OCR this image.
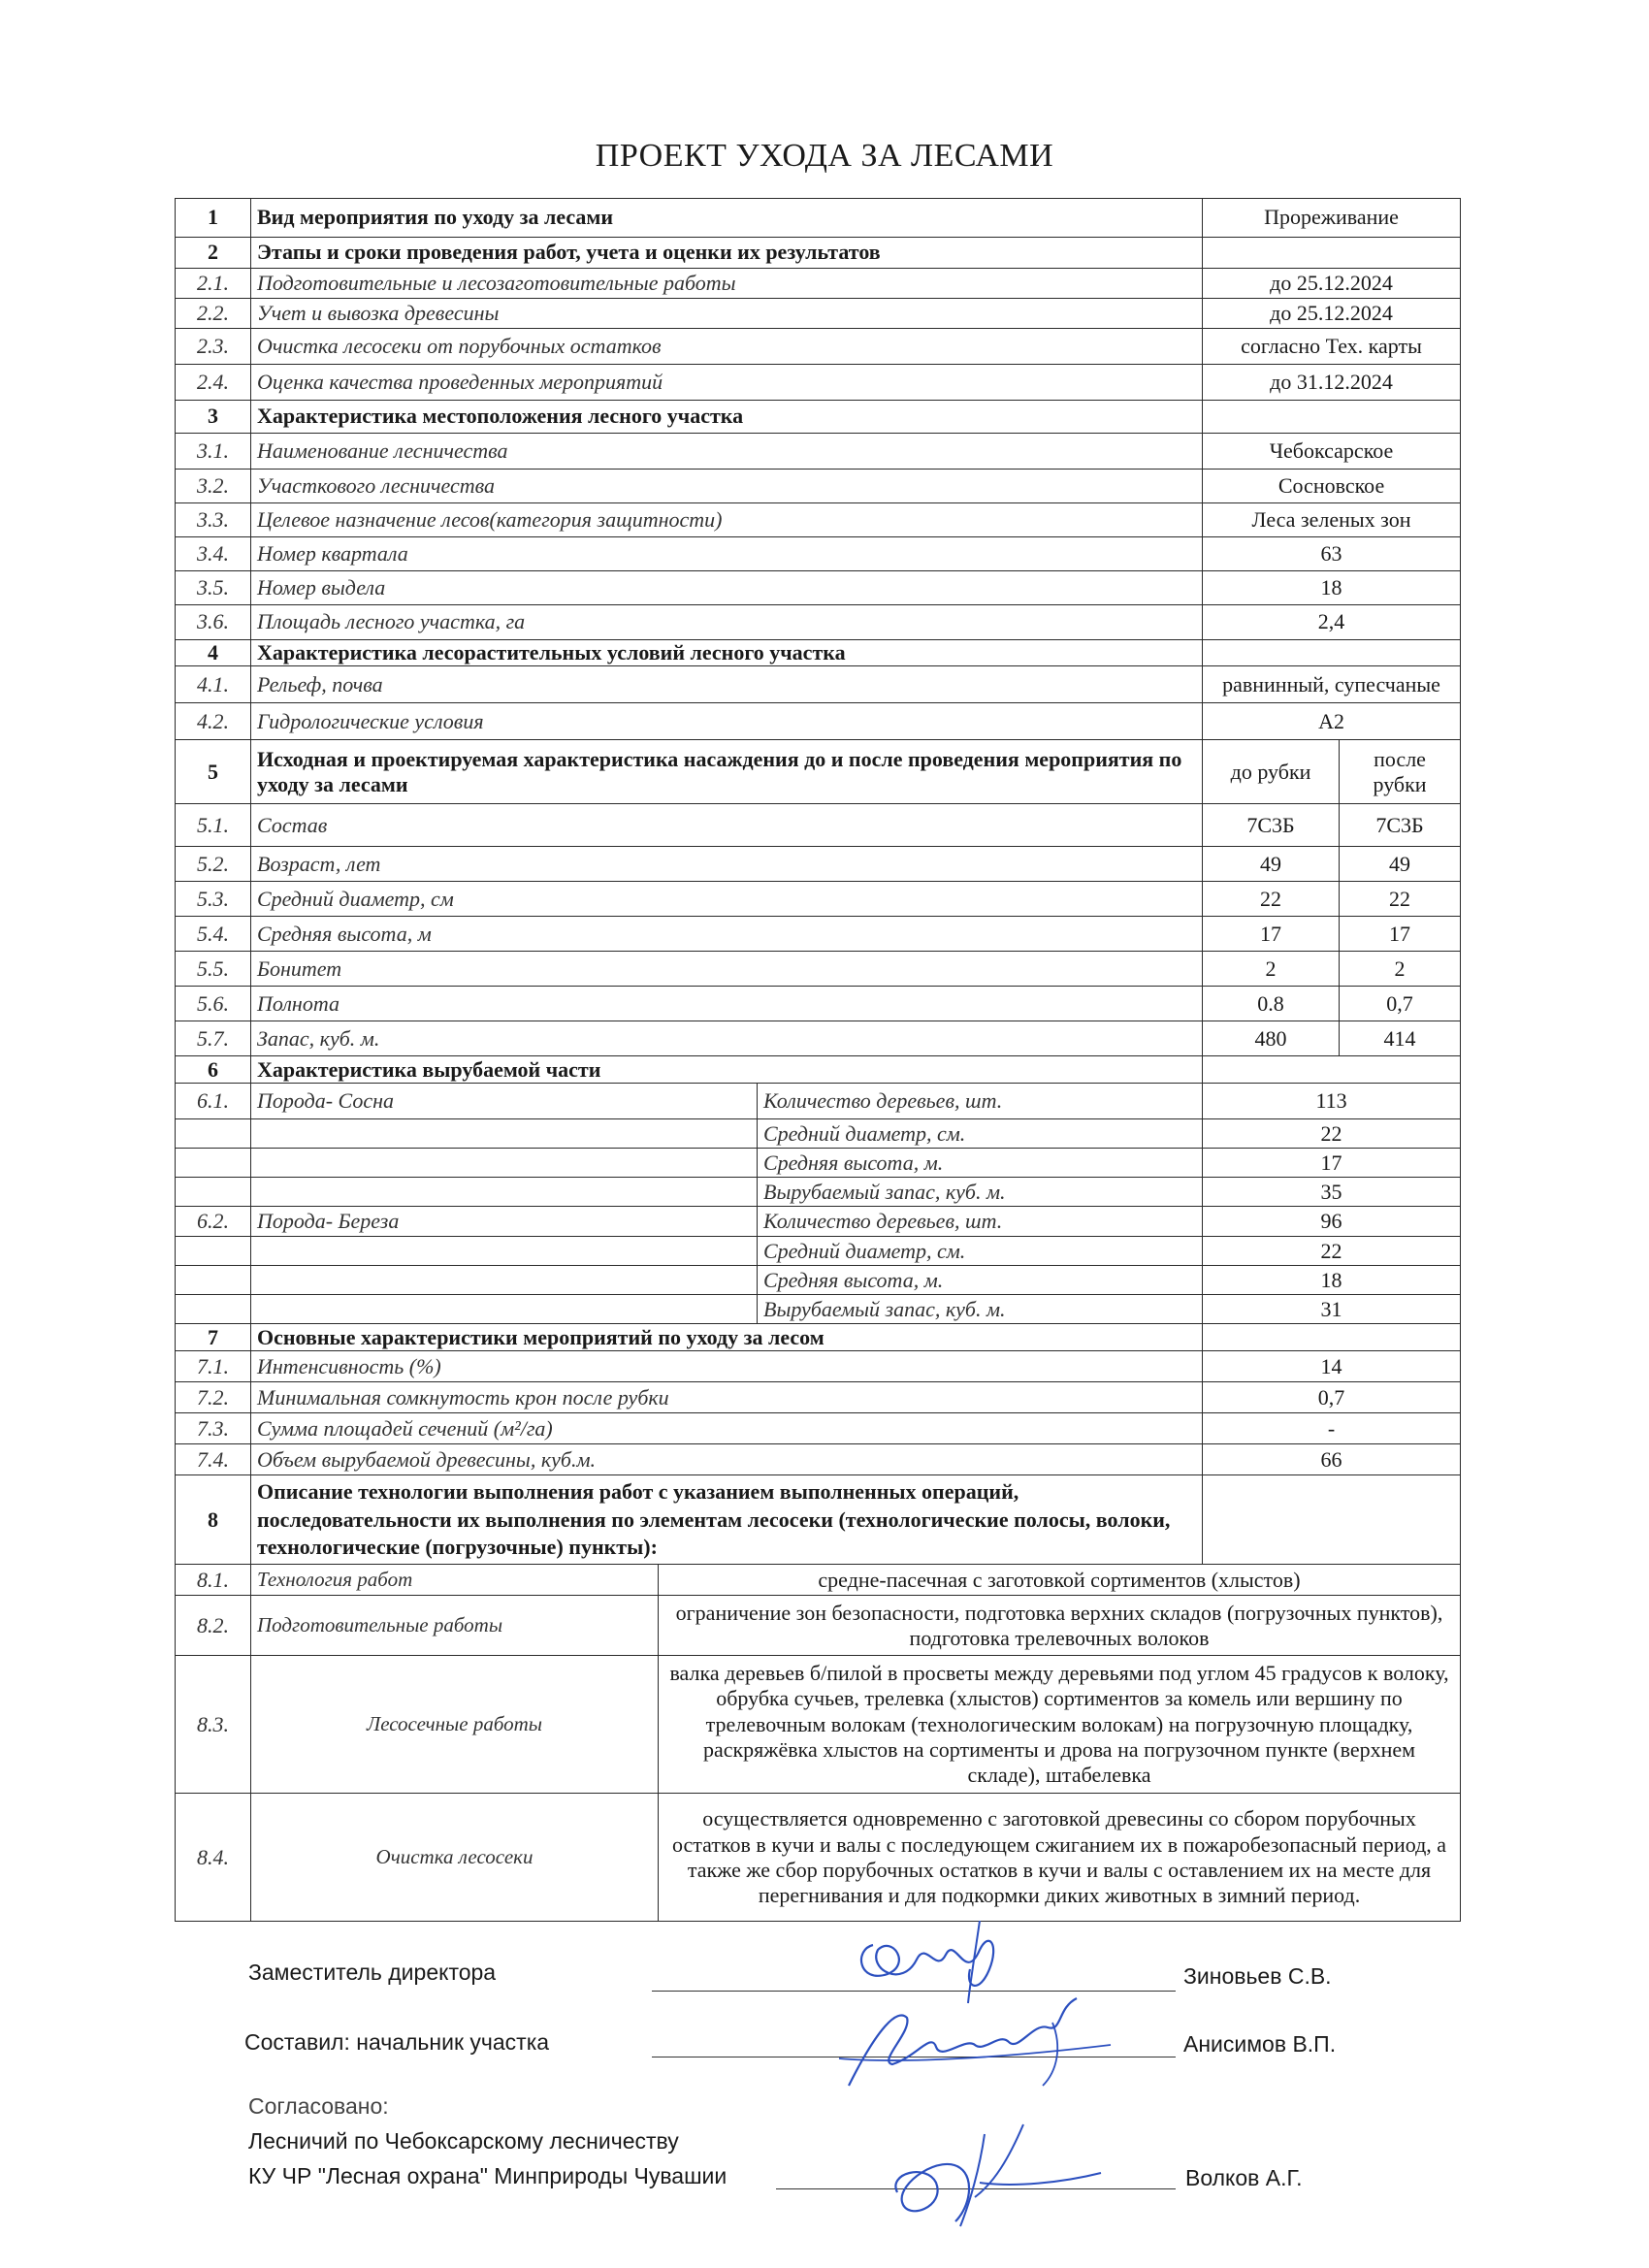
ПРОЕКТ УХОДА ЗА ЛЕСАМИ
1	Вид мероприятия по уходу за лесами			Прореживание	
2	Этапы и сроки проведения работ, учета и оценки их результатов				
2.1.	Подготовительные и лесозаготовительные работы			до 25.12.2024	
2.2.	Учет и вывозка древесины			до 25.12.2024	
2.3.	Очистка лесосеки от порубочных остатков			согласно Тех. карты	
2.4.	Оценка качества проведенных мероприятий			до 31.12.2024	
3	Характеристика местоположения лесного участка				
3.1.	Наименование лесничества			Чебоксарское	
3.2.	Участкового лесничества			Сосновское	
3.3.	Целевое назначение лесов(категория защитности)			Леса зеленых зон	
3.4.	Номер квартала			63	
3.5.	Номер выдела			18	
3.6.	Площадь лесного участка, га			2,4	
4	Характеристика лесорастительных условий лесного участка				
4.1.	Рельеф, почва			равнинный, супесчаные	
4.2.	Гидрологические условия			А2	
5	Исходная и проектируемая характеристика насаждения до и после проведения мероприятия по уходу за лесами			до рубки	после рубки
5.1.	Состав			7С3Б	7С3Б
5.2.	Возраст, лет			49	49
5.3.	Средний диаметр, см			22	22
5.4.	Средняя высота, м			17	17
5.5.	Бонитет			2	2
5.6.	Полнота			0.8	0,7
5.7.	Запас, куб. м.			480	414
6	Характеристика вырубаемой части				
6.1.	Порода- Сосна		Количество деревьев, шт.	113	
			Средний диаметр, см.	22	
			Средняя высота, м.	17	
			Вырубаемый запас, куб. м.	35	
6.2.	Порода- Береза		Количество деревьев, шт.	96	
			Средний диаметр, см.	22	
			Средняя высота, м.	18	
			Вырубаемый запас, куб. м.	31	
7	Основные характеристики мероприятий по уходу за лесом				
7.1.	Интенсивность (%)			14	
7.2.	Минимальная сомкнутость крон после рубки			0,7	
7.3.	Сумма площадей сечений (м²/га)			-	
7.4.	Объем вырубаемой древесины, куб.м.			66	
8	Описание технологии выполнения работ с указанием выполненных операций, последовательности их выполнения по элементам лесосеки (технологические полосы, волоки, технологические (погрузочные) пункты):				
8.1.	Технология работ	средне-пасечная с заготовкой сортиментов (хлыстов)			
8.2.	Подготовительные работы	ограничение зон безопасности, подготовка верхних складов (погрузочных пунктов), подготовка трелевочных волоков			
8.3.	Лесосечные работы	валка деревьев б/пилой в просветы между деревьями под углом 45 градусов к волоку, обрубка сучьев, трелевка (хлыстов) сортиментов за комель или вершину по трелевочным волокам (технологическим волокам) на погрузочную площадку, раскряжёвка хлыстов на сортименты и дрова на погрузочном пункте (верхнем складе), штабелевка			
8.4.	Очистка лесосеки	осуществляется одновременно с заготовкой древесины со сбором порубочных остатков в кучи и валы с последующем сжиганием их в пожаробезопасный период, а также же сбор порубочных остатков в кучи и валы с оставлением их на месте для перегнивания и для подкормки диких животных в зимний период.			
Заместитель директора	Зиновьев С.В.
Составил: начальник участка	Анисимов В.П.
Согласовано:
Лесничий по Чебоксарскому лесничеству
КУ ЧР "Лесная охрана" Минприроды Чувашии	Волков А.Г.
